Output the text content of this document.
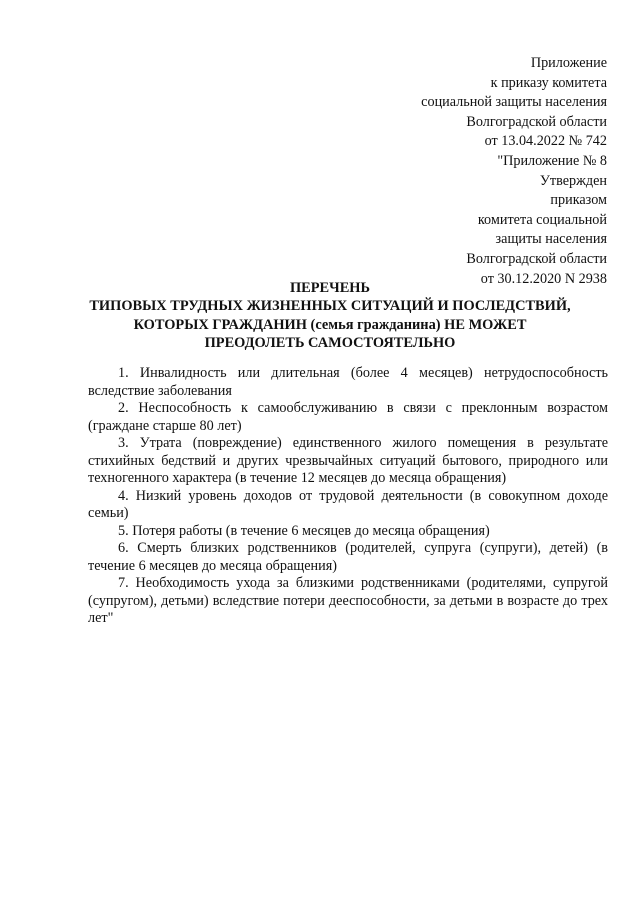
Приложение
к приказу комитета
социальной защиты населения
Волгоградской области
от 13.04.2022 № 742
"Приложение № 8
Утвержден
приказом
комитета социальной
защиты населения
Волгоградской области
от 30.12.2020 N 2938
ПЕРЕЧЕНЬ
ТИПОВЫХ ТРУДНЫХ ЖИЗНЕННЫХ СИТУАЦИЙ И ПОСЛЕДСТВИЙ,
КОТОРЫХ ГРАЖДАНИН (семья гражданина) НЕ МОЖЕТ
ПРЕОДОЛЕТЬ САМОСТОЯТЕЛЬНО

1. Инвалидность или длительная (более 4 месяцев) нетрудоспособность вследствие заболевания

2. Неспособность к самообслуживанию в связи с преклонным возрастом (граждане старше 80 лет)

3. Утрата (повреждение) единственного жилого помещения в результате стихийных бедствий и других чрезвычайных ситуаций бытового, природного или техногенного характера (в течение 12 месяцев до месяца обращения)

4. Низкий уровень доходов от трудовой деятельности (в совокупном доходе семьи)

5. Потеря работы (в течение 6 месяцев до месяца обращения)

6. Смерть близких родственников (родителей, супруга (супруги), детей) (в течение 6 месяцев до месяца обращения)

7. Необходимость ухода за близкими родственниками (родителями, супругой (супругом), детьми) вследствие потери дееспособности, за детьми в возрасте до трех лет"
